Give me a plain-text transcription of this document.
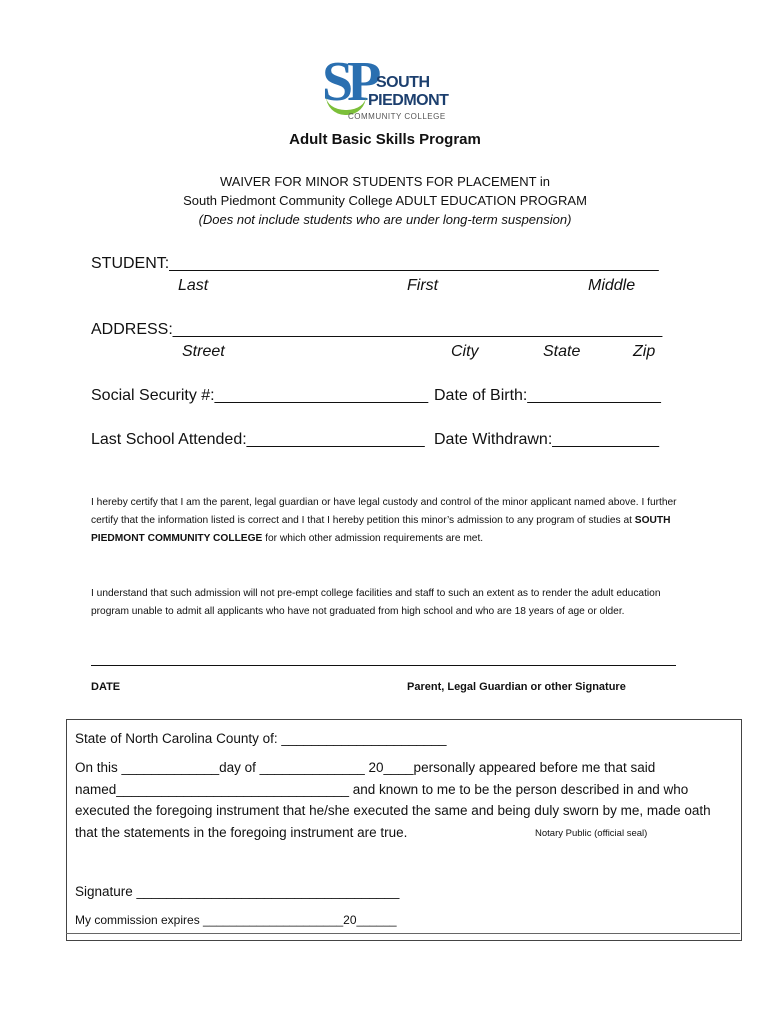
SP SOUTH
PIEDMONT
COMMUNITY COLLEGE
Adult Basic Skills Program
WAIVER FOR MINOR STUDENTS FOR PLACEMENT in
South Piedmont Community College ADULT EDUCATION PROGRAM
(Does not include students who are under long-term suspension)
STUDENT:_______________________________________________________
Last	First	Middle
ADDRESS:_______________________________________________________
Street	City	State	Zip
Social Security #:________________________ Date of Birth:_______________
Last School Attended:____________________ Date Withdrawn:____________
I hereby certify that I am the parent, legal guardian or have legal custody and control of the minor applicant named above. I further certify that the information listed is correct and I that I hereby petition this minor’s admission to any program of studies at SOUTH PIEDMONT COMMUNITY COLLEGE for which other admission requirements are met.
I understand that such admission will not pre-empt college facilities and staff to such an extent as to render the adult education program unable to admit all applicants who have not graduated from high school and who are 18 years of age or older.
DATE	Parent, Legal Guardian or other Signature
State of North Carolina County of: ______________________
On this _____________day of ______________ 20____personally appeared before me that said
named_______________________________ and known to me to be the person described in and who
executed the foregoing instrument that he/she executed the same and being duly sworn by me, made oath
that the statements in the foregoing instrument are true.	Notary Public (official seal)
Signature ___________________________________
My commission expires _____________________20______
